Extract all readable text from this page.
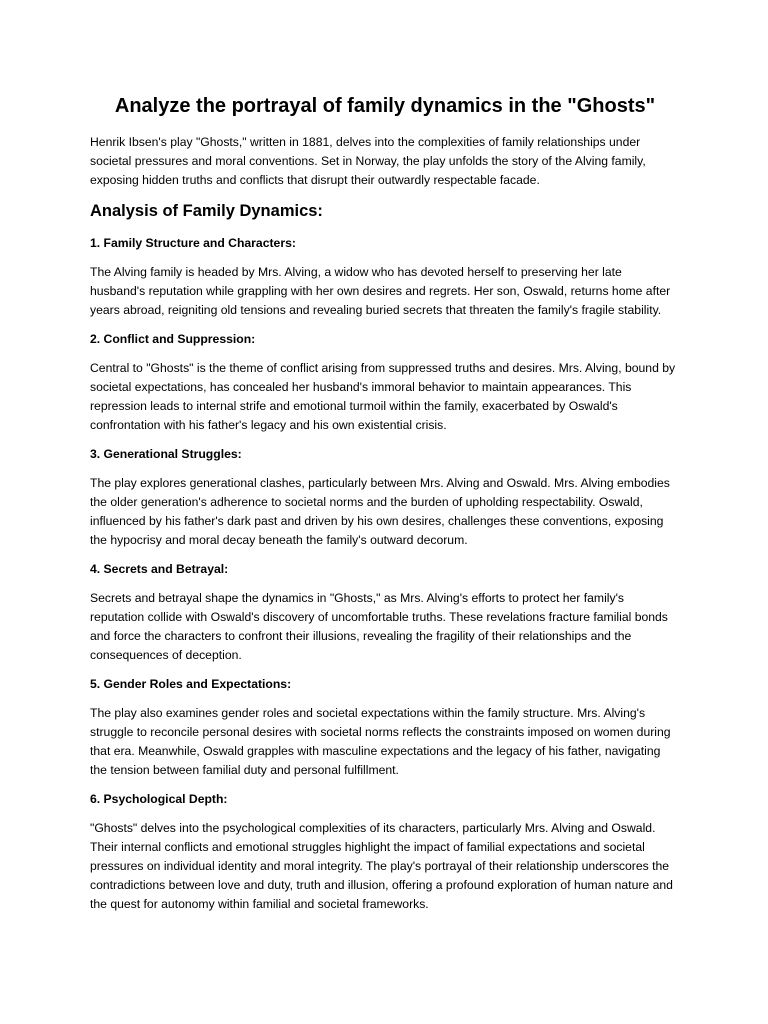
Analyze the portrayal of family dynamics in the "Ghosts"

Henrik Ibsen's play "Ghosts," written in 1881, delves into the complexities of family relationships under societal pressures and moral conventions. Set in Norway, the play unfolds the story of the Alving family, exposing hidden truths and conflicts that disrupt their outwardly respectable facade.

Analysis of Family Dynamics:
1. Family Structure and Characters:

The Alving family is headed by Mrs. Alving, a widow who has devoted herself to preserving her late husband's reputation while grappling with her own desires and regrets. Her son, Oswald, returns home after years abroad, reigniting old tensions and revealing buried secrets that threaten the family's fragile stability.

2. Conflict and Suppression:

Central to "Ghosts" is the theme of conflict arising from suppressed truths and desires. Mrs. Alving, bound by societal expectations, has concealed her husband's immoral behavior to maintain appearances. This repression leads to internal strife and emotional turmoil within the family, exacerbated by Oswald's confrontation with his father's legacy and his own existential crisis.

3. Generational Struggles:

The play explores generational clashes, particularly between Mrs. Alving and Oswald. Mrs. Alving embodies the older generation's adherence to societal norms and the burden of upholding respectability. Oswald, influenced by his father's dark past and driven by his own desires, challenges these conventions, exposing the hypocrisy and moral decay beneath the family's outward decorum.

4. Secrets and Betrayal:

Secrets and betrayal shape the dynamics in "Ghosts," as Mrs. Alving's efforts to protect her family's reputation collide with Oswald's discovery of uncomfortable truths. These revelations fracture familial bonds and force the characters to confront their illusions, revealing the fragility of their relationships and the consequences of deception.

5. Gender Roles and Expectations:

The play also examines gender roles and societal expectations within the family structure. Mrs. Alving's struggle to reconcile personal desires with societal norms reflects the constraints imposed on women during that era. Meanwhile, Oswald grapples with masculine expectations and the legacy of his father, navigating the tension between familial duty and personal fulfillment.

6. Psychological Depth:

"Ghosts" delves into the psychological complexities of its characters, particularly Mrs. Alving and Oswald. Their internal conflicts and emotional struggles highlight the impact of familial expectations and societal pressures on individual identity and moral integrity. The play's portrayal of their relationship underscores the contradictions between love and duty, truth and illusion, offering a profound exploration of human nature and the quest for autonomy within familial and societal frameworks.
